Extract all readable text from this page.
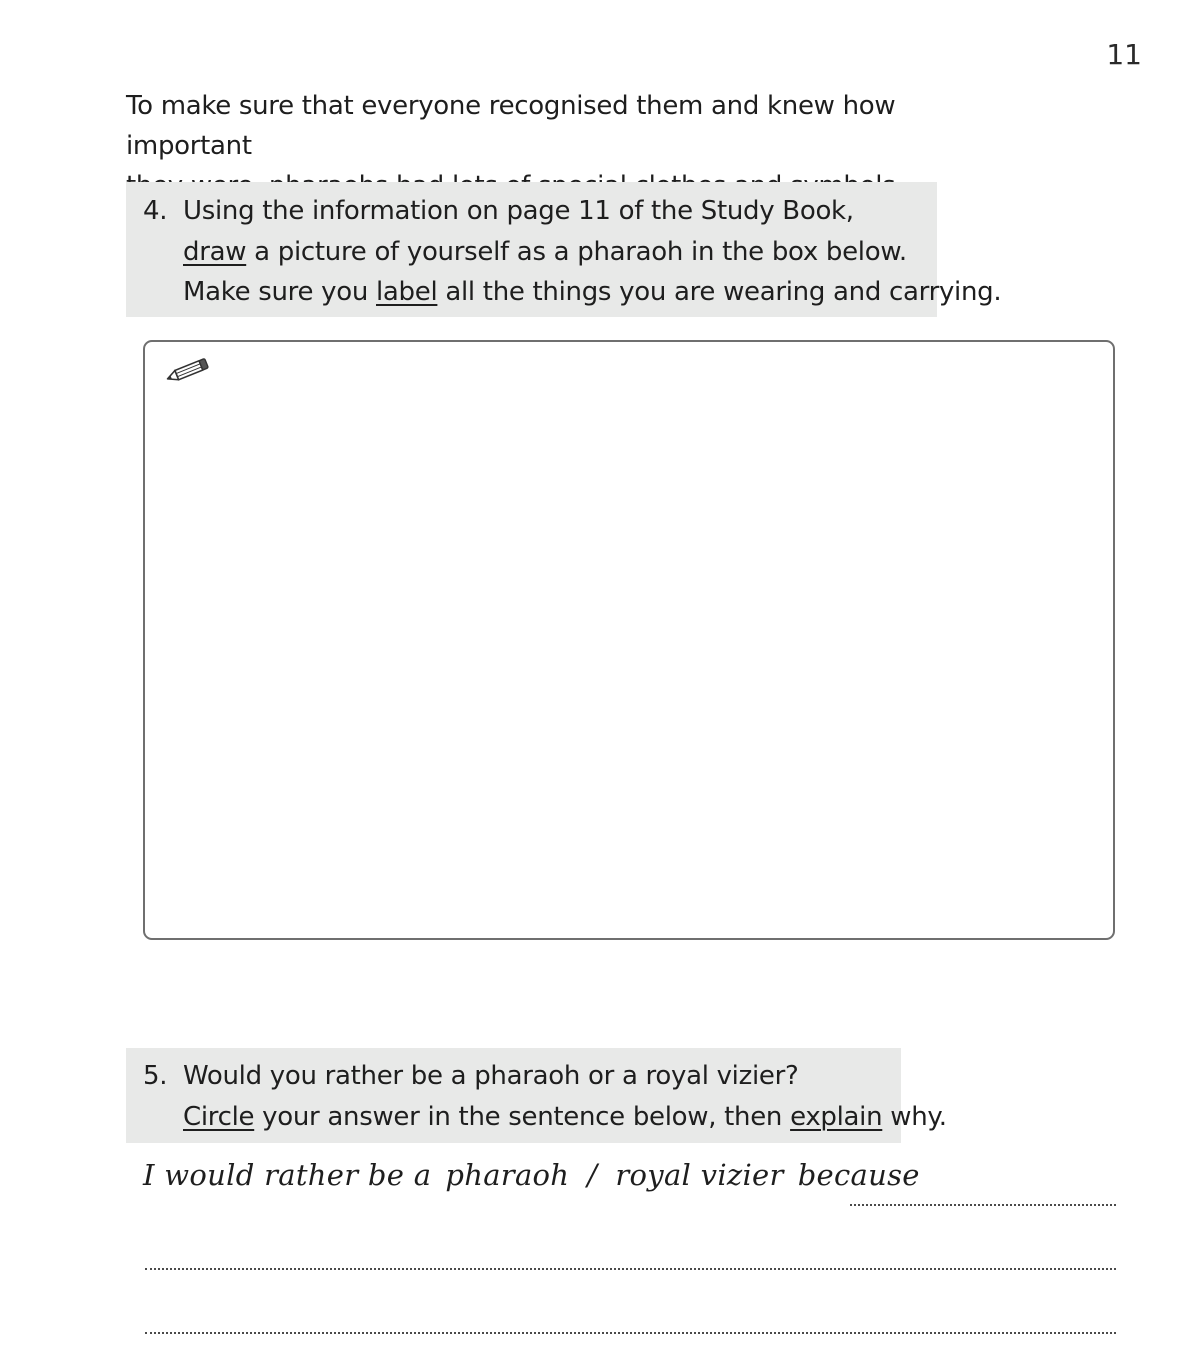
11

To make sure that everyone recognised them and knew how important

4. Using the information on page 11 of the Study Book,
draw a picture of yourself as a pharaoh in the box below.
Make sure you label all the things you are wearing and carrying.
5. Would you rather be a pharaoh or a royal vizier?
Circle your answer in the sentence below, then explain why.
I would rather be a pharaoh / royal vizier because
